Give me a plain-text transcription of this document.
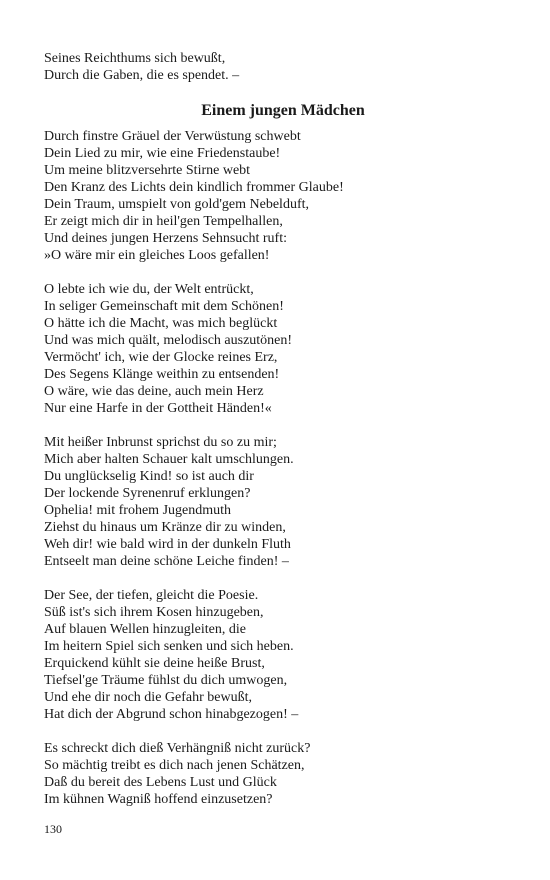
Seines Reichthums sich bewußt,
Durch die Gaben, die es spendet. –
Einem jungen Mädchen
Durch finstre Gräuel der Verwüstung schwebt
Dein Lied zu mir, wie eine Friedenstaube!
Um meine blitzversehrte Stirne webt
Den Kranz des Lichts dein kindlich frommer Glaube!
Dein Traum, umspielt von gold'gem Nebelduft,
Er zeigt mich dir in heil'gen Tempelhallen,
Und deines jungen Herzens Sehnsucht ruft:
»O wäre mir ein gleiches Loos gefallen!
O lebte ich wie du, der Welt entrückt,
In seliger Gemeinschaft mit dem Schönen!
O hätte ich die Macht, was mich beglückt
Und was mich quält, melodisch auszutönen!
Vermöcht' ich, wie der Glocke reines Erz,
Des Segens Klänge weithin zu entsenden!
O wäre, wie das deine, auch mein Herz
Nur eine Harfe in der Gottheit Händen!«
Mit heißer Inbrunst sprichst du so zu mir;
Mich aber halten Schauer kalt umschlungen.
Du unglückselig Kind! so ist auch dir
Der lockende Syrenenruf erklungen?
Ophelia! mit frohem Jugendmuth
Ziehst du hinaus um Kränze dir zu winden,
Weh dir! wie bald wird in der dunkeln Fluth
Entseelt man deine schöne Leiche finden! –
Der See, der tiefen, gleicht die Poesie.
Süß ist's sich ihrem Kosen hinzugeben,
Auf blauen Wellen hinzugleiten, die
Im heitern Spiel sich senken und sich heben.
Erquickend kühlt sie deine heiße Brust,
Tiefsel'ge Träume fühlst du dich umwogen,
Und ehe dir noch die Gefahr bewußt,
Hat dich der Abgrund schon hinabgezogen! –
Es schreckt dich dieß Verhängniß nicht zurück?
So mächtig treibt es dich nach jenen Schätzen,
Daß du bereit des Lebens Lust und Glück
Im kühnen Wagniß hoffend einzusetzen?
130
